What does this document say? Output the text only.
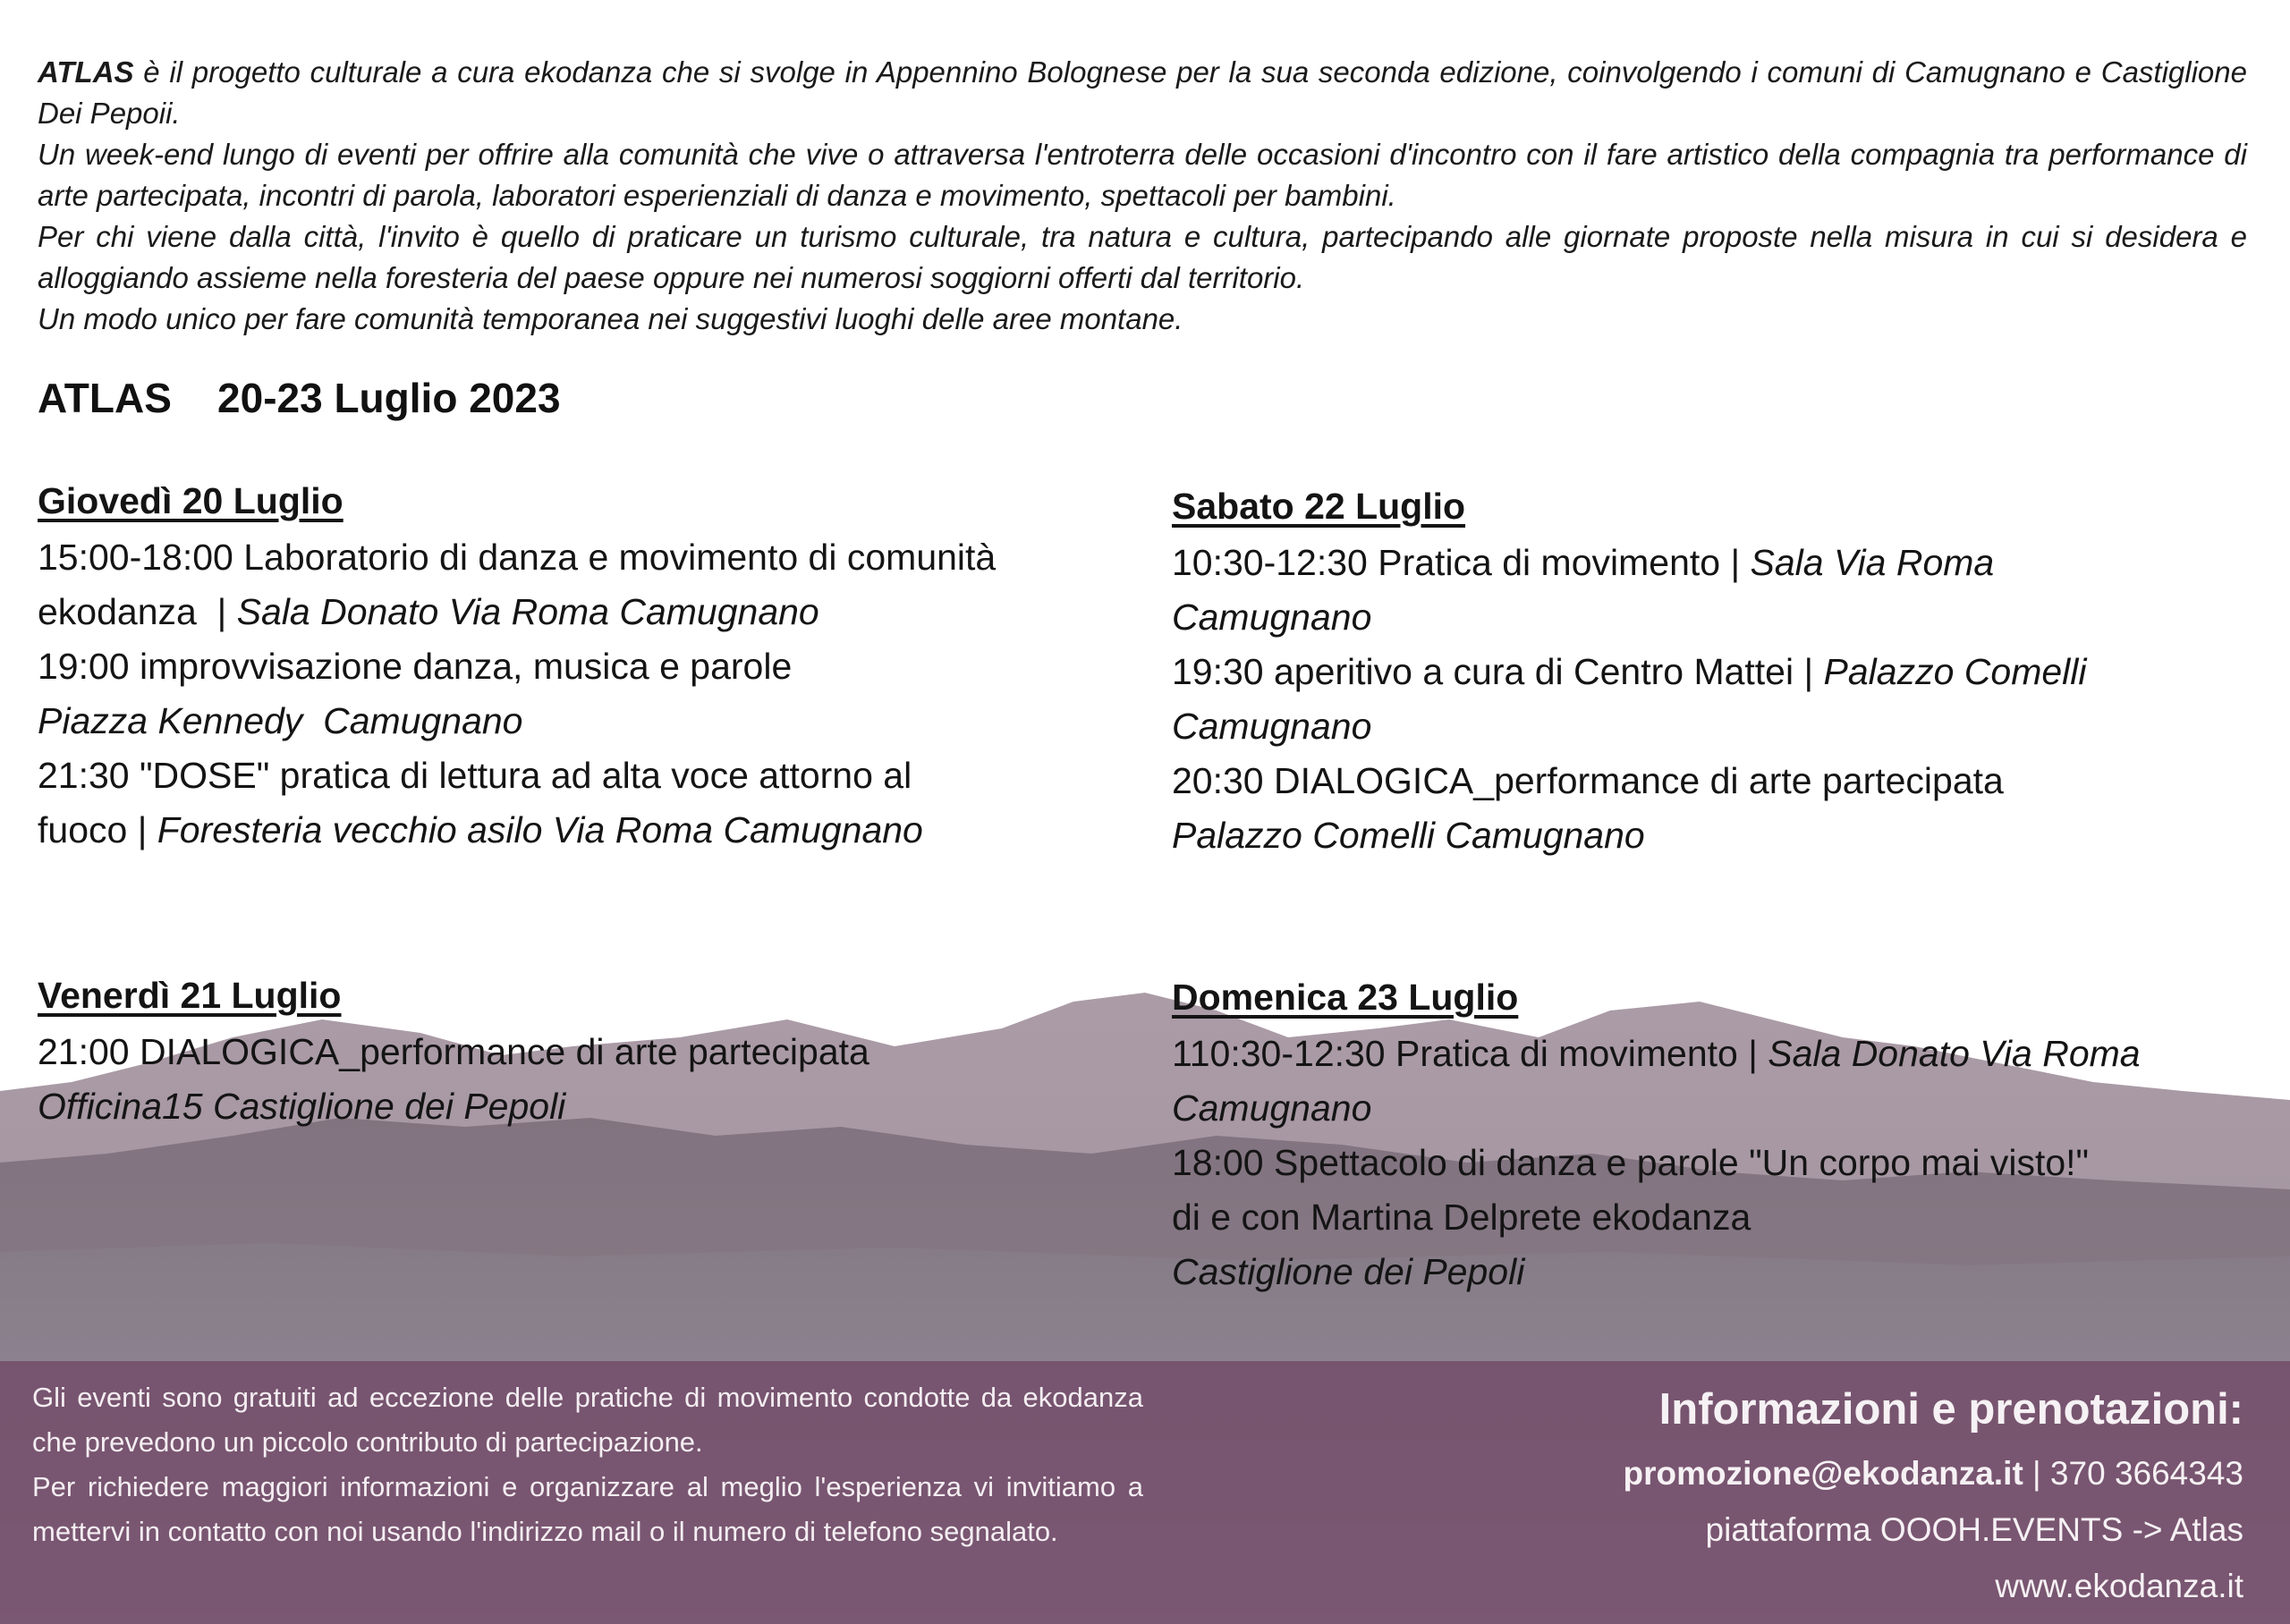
ATLAS è il progetto culturale a cura ekodanza che si svolge in Appennino Bolognese per la sua seconda edizione, coinvolgendo i comuni di Camugnano e Castiglione Dei Pepoii.

Un week-end lungo di eventi per offrire alla comunità che vive o attraversa l'entroterra delle occasioni d'incontro con il fare artistico della compagnia tra performance di arte partecipata, incontri di parola, laboratori esperienziali di danza e movimento, spettacoli per bambini.

Per chi viene dalla città, l'invito è quello di praticare un turismo culturale, tra natura e cultura, partecipando alle giornate proposte nella misura in cui si desidera e alloggiando assieme nella foresteria del paese oppure nei numerosi soggiorni offerti dal territorio.

Un modo unico per fare comunità temporanea nei suggestivi luoghi delle aree montane.

ATLAS    20-23 Luglio 2023
Giovedì 20 Luglio

15:00-18:00 Laboratorio di danza e movimento di comunità

ekodanza  | Sala Donato Via Roma Camugnano

19:00 improvvisazione danza, musica e parole

Piazza Kennedy  Camugnano

21:30 "DOSE" pratica di lettura ad alta voce attorno al

fuoco | Foresteria vecchio asilo Via Roma Camugnano

Venerdì 21 Luglio

21:00 DIALOGICA_performance di arte partecipata

Officina15 Castiglione dei Pepoli

Sabato 22 Luglio

10:30-12:30 Pratica di movimento | Sala Via Roma

Camugnano

19:30 aperitivo a cura di Centro Mattei | Palazzo Comelli

Camugnano

20:30 DIALOGICA_performance di arte partecipata

Palazzo Comelli Camugnano

Domenica 23 Luglio

110:30-12:30 Pratica di movimento | Sala Donato Via Roma

Camugnano

18:00 Spettacolo di danza e parole "Un corpo mai visto!"

di e con Martina Delprete ekodanza

Castiglione dei Pepoli

Gli eventi sono gratuiti ad eccezione delle pratiche di movimento condotte da ekodanza che prevedono un piccolo contributo di partecipazione.

Per richiedere maggiori informazioni e organizzare al meglio l'esperienza vi invitiamo a mettervi in contatto con noi usando l'indirizzo mail o il numero di telefono segnalato.

Informazioni e prenotazioni:
promozione@ekodanza.it | 370 3664343
piattaforma OOOH.EVENTS -> Atlas
www.ekodanza.it
